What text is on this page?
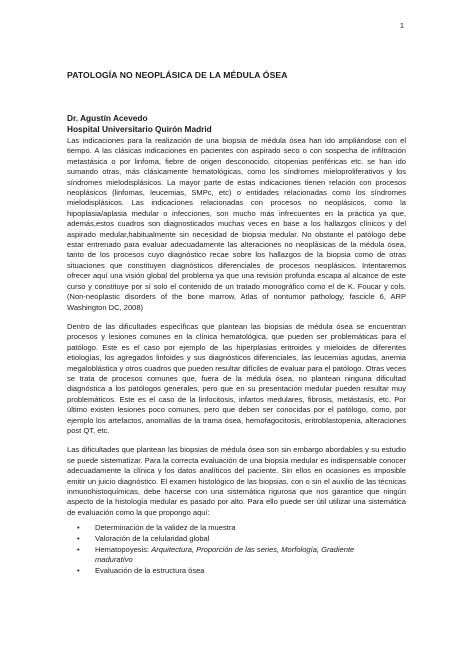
1
PATOLOGÍA NO NEOPLÁSICA DE LA MÉDULA ÓSEA
Dr. Agustín Acevedo
Hospital Universitario Quirón Madrid

Las indicaciones para la realización de una biopsia de médula ósea han ido ampliándose con el tiempo. A las clásicas indicaciones en pacientes con aspirado seco o con sospecha de infiltración metastásica o por linfoma, fiebre de origen desconocido, citopenias periféricas etc. se han ido sumando otras, más clásicamente hematológicas, como los síndromes mieloproliferativos y los síndromes mielodisplásicos. La mayor parte de estas indicaciones tienen relación con procesos neoplásicos (linfomas, leucemias, SMPc, etc) o entidades relacionadas como los síndromes mielodisplásicos. Las indicaciones relacionadas con procesos no neoplásicos, como la hipoplasia/aplasia medular o infecciones, son mucho más infrecuentes en la práctica ya que, además,estos cuadros son diagnosticados muchas veces en base a los hallazgos clínicos y del aspirado medular,habitualmente sin necesidad de biopsia medular. No obstante el patólogo debe estar entrenado para evaluar adecuadamente las alteraciones no neoplásicas de la médula ósea, tanto de los procesos cuyo diagnóstico recae sobre los hallazgos de la biopsia como de otras situaciones que constituyen diagnósticos diferenciales de procesos neoplásicos. Intentaremos ofrecer aquí una visión global del problema ya que una revisión profunda escapa al alcance de este curso y constituye por sí solo el contenido de un tratado monográfico como el de K. Foucar y cols. (Non-neoplastic disorders of the bone marrow, Atlas of nontumor pathology, fascicle 6, ARP Washington DC, 2008)

Dentro de las dificultades específicas que plantean las biopsias de médula ósea se encuentran procesos y lesiones comunes en la clínica hematológica, que pueden ser problemáticas para el patólogo. Este es el caso por ejemplo de las hiperplasias eritroides y mieloides de diferentes etiologías, los agregados linfoides y sus diagnósticos diferenciales, las leucemias agudas, anemia megaloblástica y otros cuadros que pueden resultar difíciles de evaluar para el patólogo. Otras veces se trata de procesos comunes que, fuera de la médula ósea, no plantean ninguna dificultad diagnóstica a los patólogos generales, pero que en su presentación medular pueden resultar muy problemáticos. Este es el caso de la linfocitosis, infartos medulares, fibrosis, metástasis, etc. Por último existen lesiones poco comunes, pero que deben ser conocidas por el patólogo, como, por ejemplo los artefactos, anomalías de la trama ósea, hemofagocitosis, eritroblastopenia, alteraciones post QT, etc.

Las dificultades que plantean las biopsias de médula ósea son sin embargo abordables y su estudio se puede sistematizar. Para la correcta evaluación de una biopsia medular es indispensable conocer adecuadamente la clínica y los datos analíticos del paciente. Sin ellos en ocasiones es imposible emitir un juicio diagnóstico. El examen histológico de las biopsias, con o sin el auxilio de las técnicas inmunohistoquímicas, debe hacerse con una sistemática rigurosa que nos garantice que ningún aspecto de la histología medular es pasado por alto. Para ello puede ser útil utilizar una sistemática de evaluación como la que propongo aquí:

• Determinación de la validez de la muestra
• Valoración de la celularidad global
• Hematopoyesis: Arquitectura, Proporción de las series, Morfología, Gradiente
maduratívo
• Evaluación de la estructura ósea
